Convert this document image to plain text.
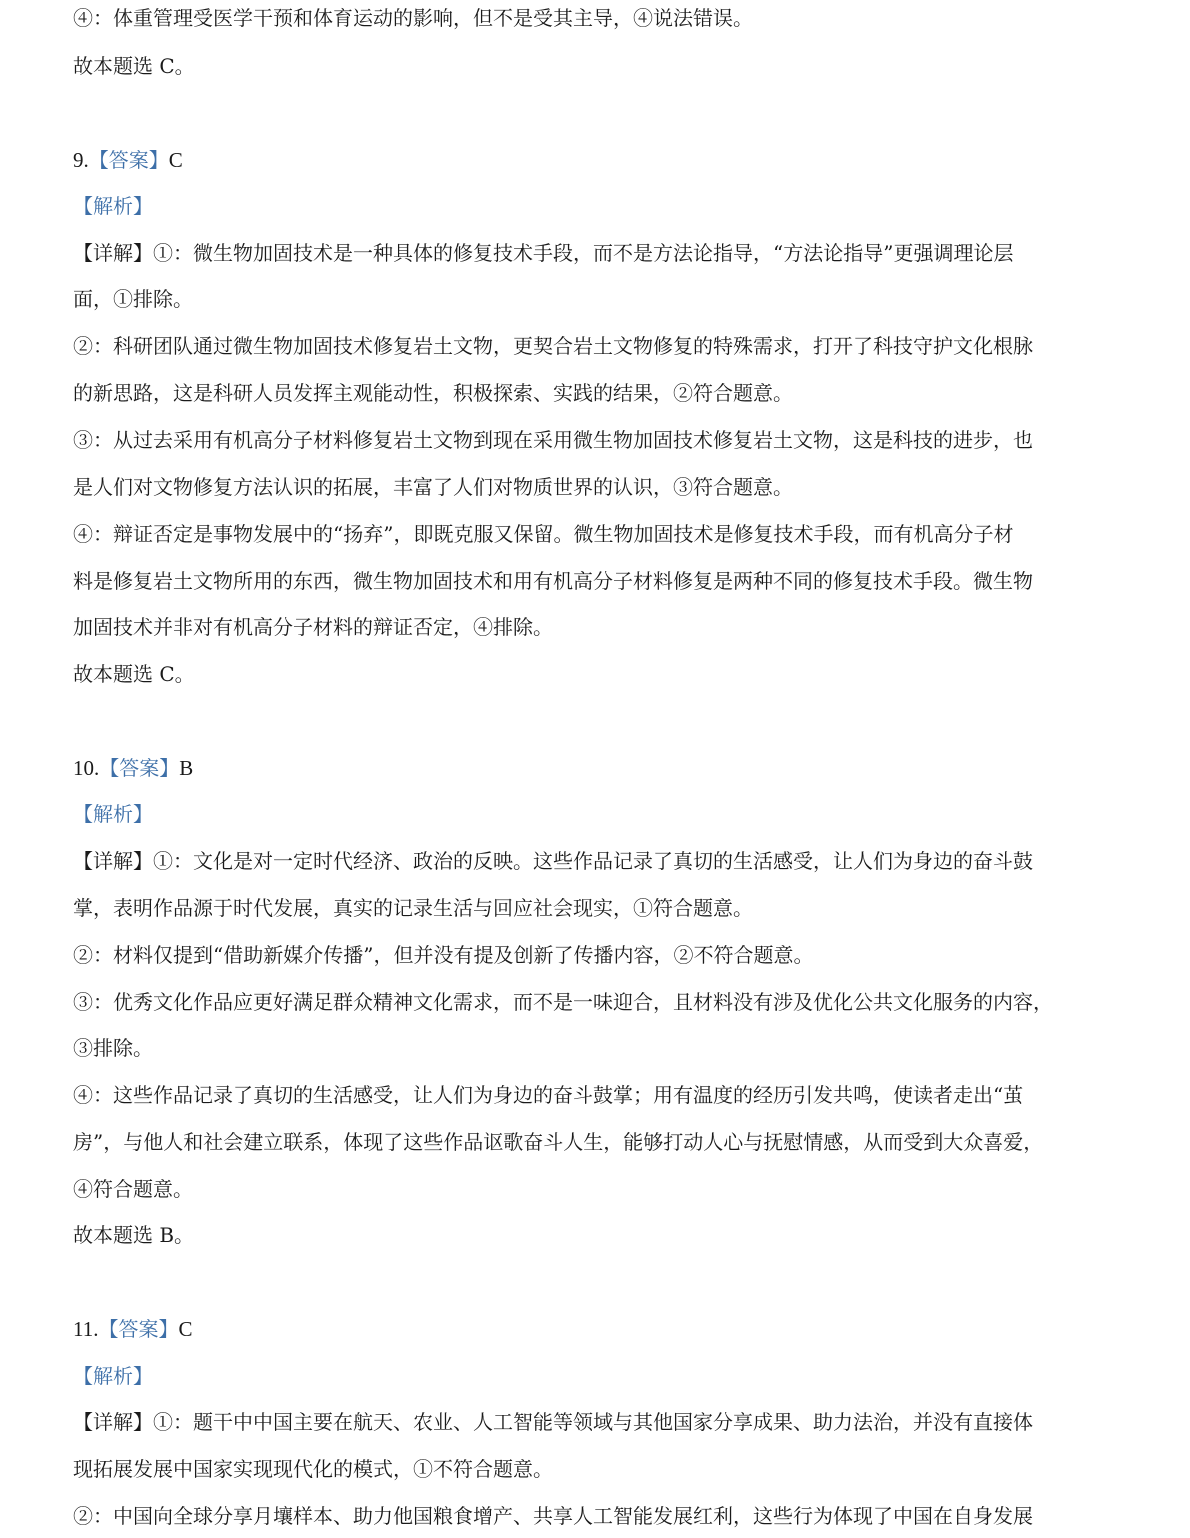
④：体重管理受医学干预和体育运动的影响，但不是受其主导，④说法错误。
故本题选 C。
9.【答案】C
【解析】
【详解】①：微生物加固技术是一种具体的修复技术手段，而不是方法论指导，“方法论指导”更强调理论层
面，①排除。
②：科研团队通过微生物加固技术修复岩土文物，更契合岩土文物修复的特殊需求，打开了科技守护文化根脉
的新思路，这是科研人员发挥主观能动性，积极探索、实践的结果，②符合题意。
③：从过去采用有机高分子材料修复岩土文物到现在采用微生物加固技术修复岩土文物，这是科技的进步，也
是人们对文物修复方法认识的拓展，丰富了人们对物质世界的认识，③符合题意。
④：辩证否定是事物发展中的“扬弃”，即既克服又保留。微生物加固技术是修复技术手段，而有机高分子材
料是修复岩土文物所用的东西，微生物加固技术和用有机高分子材料修复是两种不同的修复技术手段。微生物
加固技术并非对有机高分子材料的辩证否定，④排除。
故本题选 C。
10.【答案】B
【解析】
【详解】①：文化是对一定时代经济、政治的反映。这些作品记录了真切的生活感受，让人们为身边的奋斗鼓
掌，表明作品源于时代发展，真实的记录生活与回应社会现实，①符合题意。
②：材料仅提到“借助新媒介传播”，但并没有提及创新了传播内容，②不符合题意。
③：优秀文化作品应更好满足群众精神文化需求，而不是一味迎合，且材料没有涉及优化公共文化服务的内容，
③排除。
④：这些作品记录了真切的生活感受，让人们为身边的奋斗鼓掌；用有温度的经历引发共鸣，使读者走出“茧
房”，与他人和社会建立联系，体现了这些作品讴歌奋斗人生，能够打动人心与抚慰情感，从而受到大众喜爱，
④符合题意。
故本题选 B。
11.【答案】C
【解析】
【详解】①：题干中中国主要在航天、农业、人工智能等领域与其他国家分享成果、助力法治，并没有直接体
现拓展发展中国家实现现代化的模式，①不符合题意。
②：中国向全球分享月壤样本、助力他国粮食增产、共享人工智能发展红利，这些行为体现了中国在自身发展
